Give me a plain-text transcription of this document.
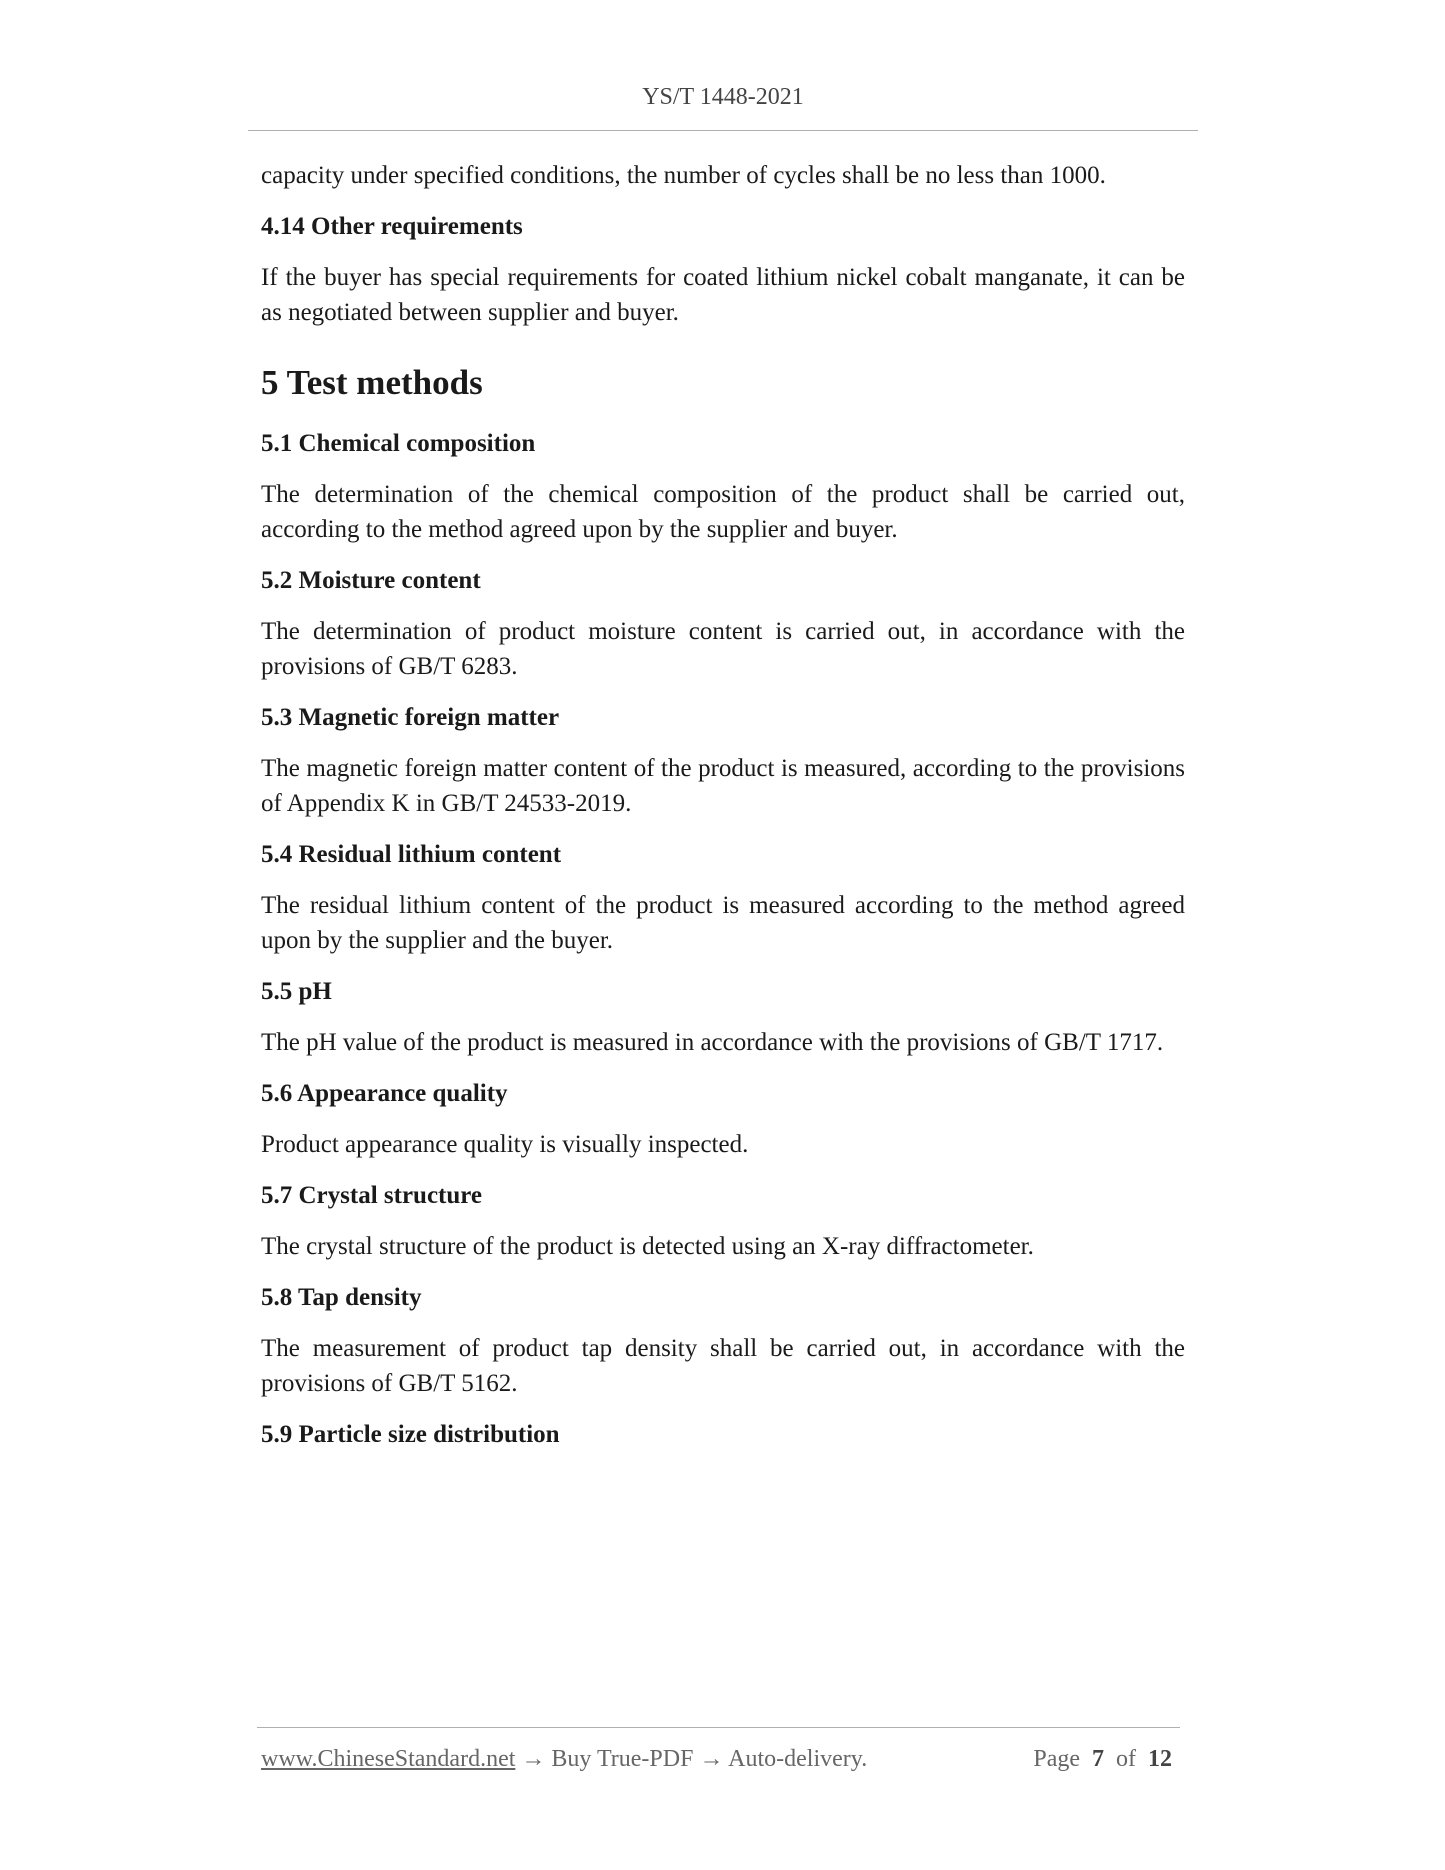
YS/T 1448-2021

capacity under specified conditions, the number of cycles shall be no less than 1000.

4.14 Other requirements

If the buyer has special requirements for coated lithium nickel cobalt manganate, it can be as negotiated between supplier and buyer.

5 Test methods
5.1 Chemical composition

The determination of the chemical composition of the product shall be carried out, according to the method agreed upon by the supplier and buyer.

5.2 Moisture content

The determination of product moisture content is carried out, in accordance with the provisions of GB/T 6283.

5.3 Magnetic foreign matter

The magnetic foreign matter content of the product is measured, according to the provisions of Appendix K in GB/T 24533-2019.

5.4 Residual lithium content

The residual lithium content of the product is measured according to the method agreed upon by the supplier and the buyer.

5.5 pH

The pH value of the product is measured in accordance with the provisions of GB/T 1717.

5.6 Appearance quality

Product appearance quality is visually inspected.

5.7 Crystal structure

The crystal structure of the product is detected using an X-ray diffractometer.

5.8 Tap density

The measurement of product tap density shall be carried out, in accordance with the provisions of GB/T 5162.

5.9 Particle size distribution
www.ChineseStandard.net → Buy True-PDF → Auto-delivery.	Page 7 of 12
